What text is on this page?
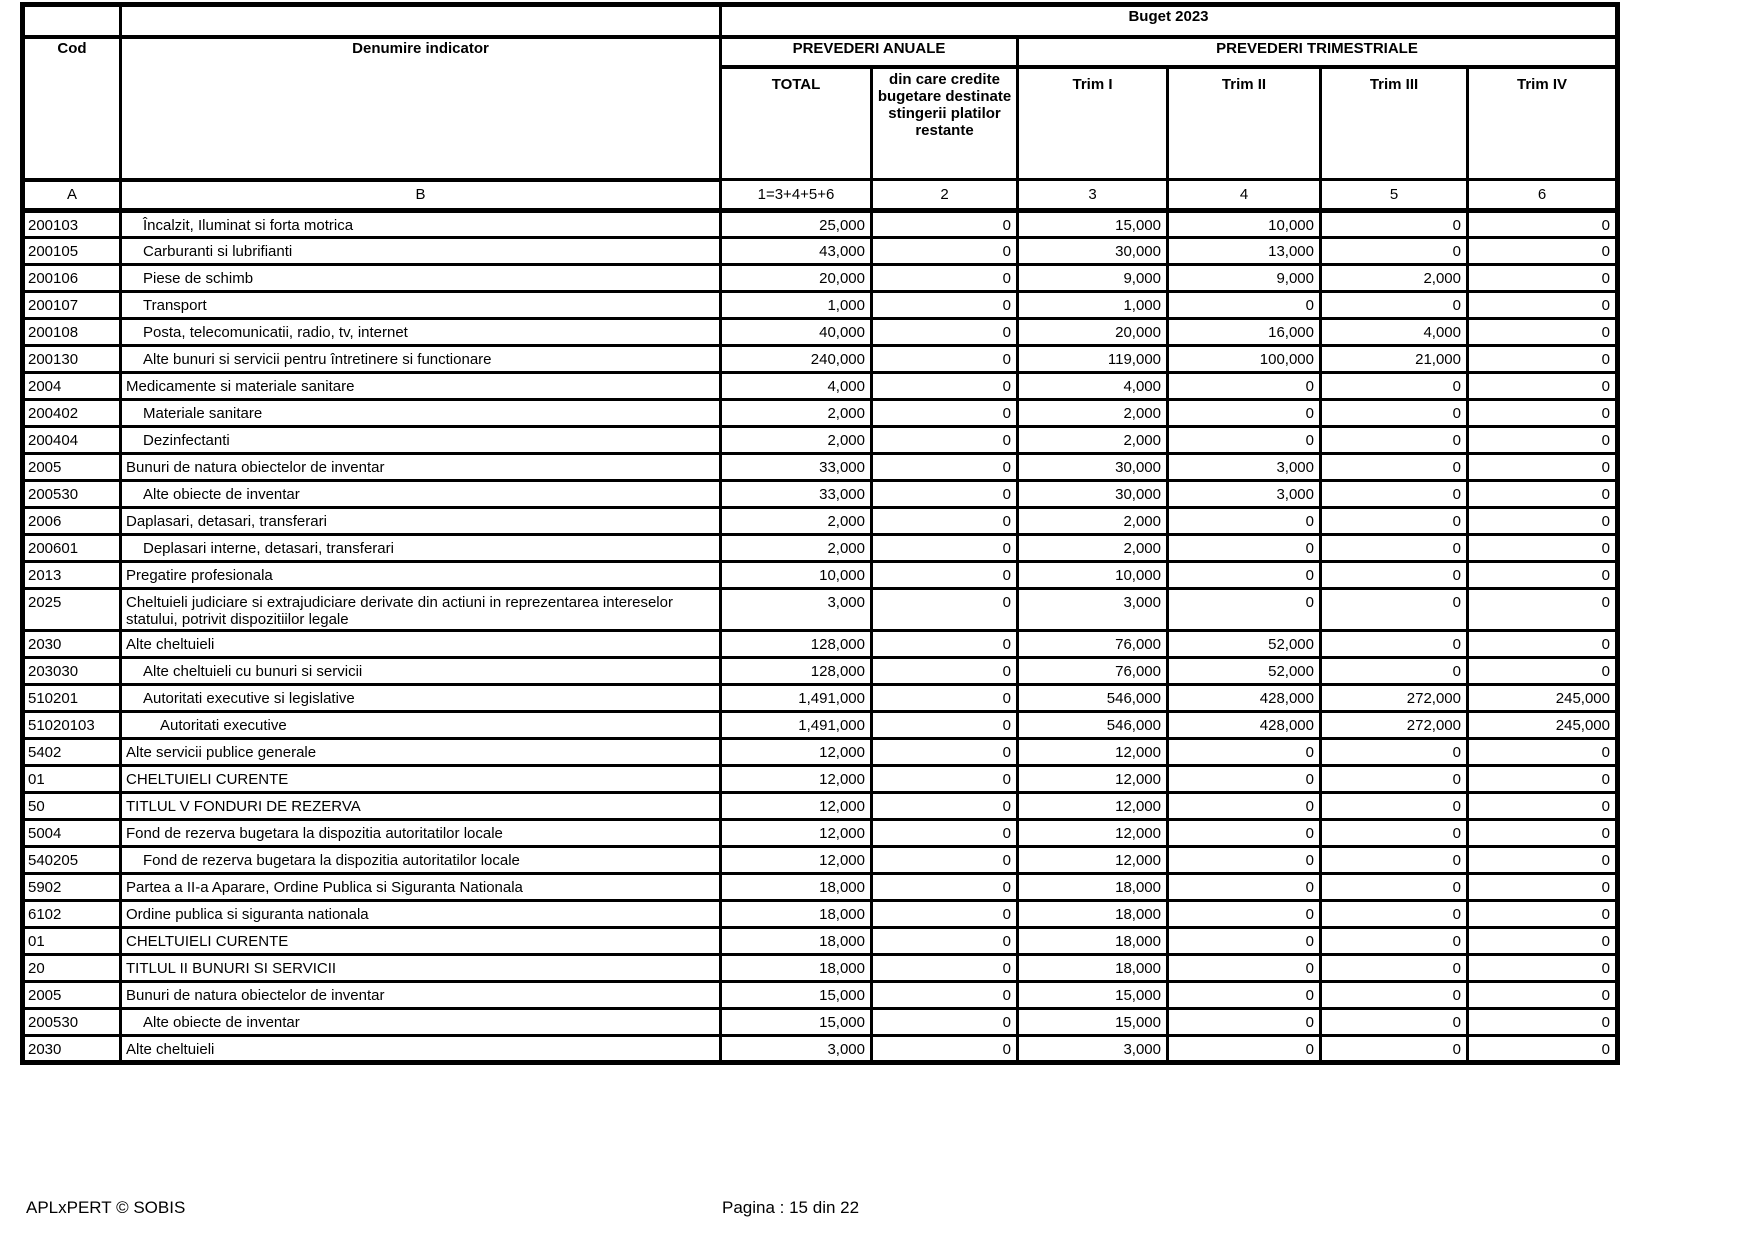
		Buget 2023					
Cod	Denumire indicator	PREVEDERI ANUALE		PREVEDERI TRIMESTRIALE			
		TOTAL	din care credite bugetare destinate stingerii platilor restante	Trim I	Trim II	Trim III	Trim IV
A	B	1=3+4+5+6	2	3	4	5	6
200103	Încalzit, Iluminat si forta motrica	25,000	0	15,000	10,000	0	0
200105	Carburanti si lubrifianti	43,000	0	30,000	13,000	0	0
200106	Piese de schimb	20,000	0	9,000	9,000	2,000	0
200107	Transport	1,000	0	1,000	0	0	0
200108	Posta, telecomunicatii, radio, tv, internet	40,000	0	20,000	16,000	4,000	0
200130	Alte bunuri si servicii pentru întretinere si functionare	240,000	0	119,000	100,000	21,000	0
2004	Medicamente si materiale sanitare	4,000	0	4,000	0	0	0
200402	Materiale sanitare	2,000	0	2,000	0	0	0
200404	Dezinfectanti	2,000	0	2,000	0	0	0
2005	Bunuri de natura obiectelor de inventar	33,000	0	30,000	3,000	0	0
200530	Alte obiecte de inventar	33,000	0	30,000	3,000	0	0
2006	Daplasari, detasari, transferari	2,000	0	2,000	0	0	0
200601	Deplasari interne, detasari, transferari	2,000	0	2,000	0	0	0
2013	Pregatire profesionala	10,000	0	10,000	0	0	0
2025	Cheltuieli judiciare si extrajudiciare derivate din actiuni in reprezentarea intereselor statului, potrivit dispozitiilor legale	3,000	0	3,000	0	0	0
2030	Alte cheltuieli	128,000	0	76,000	52,000	0	0
203030	Alte cheltuieli cu bunuri si servicii	128,000	0	76,000	52,000	0	0
510201	Autoritati executive si legislative	1,491,000	0	546,000	428,000	272,000	245,000
51020103	Autoritati executive	1,491,000	0	546,000	428,000	272,000	245,000
5402	Alte servicii publice generale	12,000	0	12,000	0	0	0
01	CHELTUIELI CURENTE	12,000	0	12,000	0	0	0
50	TITLUL V FONDURI DE REZERVA	12,000	0	12,000	0	0	0
5004	Fond de rezerva bugetara la dispozitia autoritatilor locale	12,000	0	12,000	0	0	0
540205	Fond de rezerva bugetara la dispozitia autoritatilor locale	12,000	0	12,000	0	0	0
5902	Partea a II-a Aparare, Ordine Publica si Siguranta Nationala	18,000	0	18,000	0	0	0
6102	Ordine publica si siguranta nationala	18,000	0	18,000	0	0	0
01	CHELTUIELI CURENTE	18,000	0	18,000	0	0	0
20	TITLUL II BUNURI SI SERVICII	18,000	0	18,000	0	0	0
2005	Bunuri de natura obiectelor de inventar	15,000	0	15,000	0	0	0
200530	Alte obiecte de inventar	15,000	0	15,000	0	0	0
2030	Alte cheltuieli	3,000	0	3,000	0	0	0
APLxPERT © SOBIS	Pagina : 15 din 22
